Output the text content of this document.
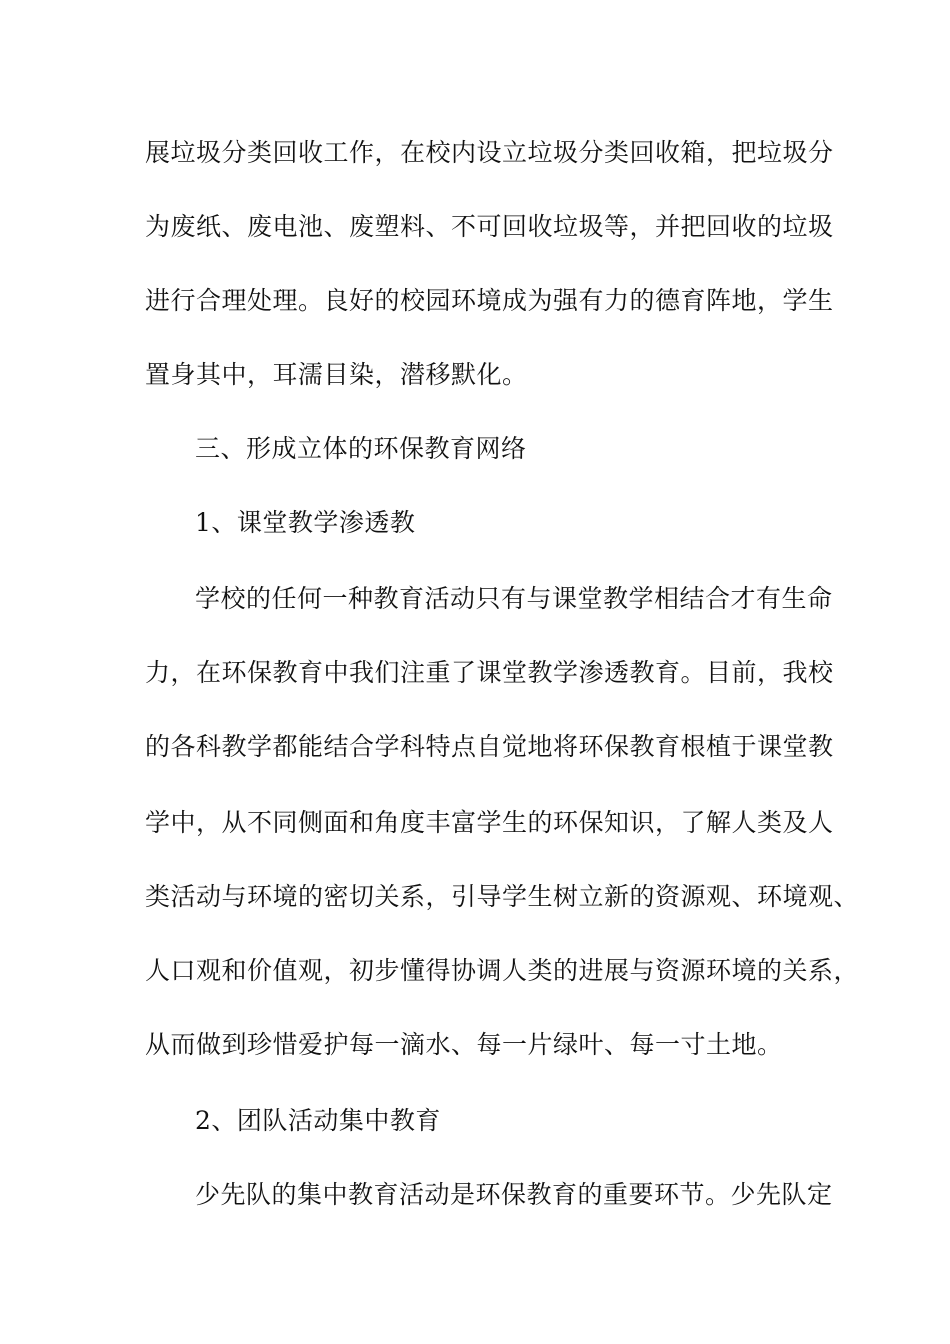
展垃圾分类回收工作，在校内设立垃圾分类回收箱，把垃圾分
为废纸、废电池、废塑料、不可回收垃圾等，并把回收的垃圾
进行合理处理。良好的校园环境成为强有力的德育阵地，学生
置身其中，耳濡目染，潜移默化。
三、形成立体的环保教育网络
1、课堂教学渗透教
学校的任何一种教育活动只有与课堂教学相结合才有生命
力，在环保教育中我们注重了课堂教学渗透教育。目前，我校
的各科教学都能结合学科特点自觉地将环保教育根植于课堂教
学中，从不同侧面和角度丰富学生的环保知识，了解人类及人
类活动与环境的密切关系，引导学生树立新的资源观、环境观、
人口观和价值观，初步懂得协调人类的进展与资源环境的关系，
从而做到珍惜爱护每一滴水、每一片绿叶、每一寸土地。
2、团队活动集中教育
少先队的集中教育活动是环保教育的重要环节。少先队定
